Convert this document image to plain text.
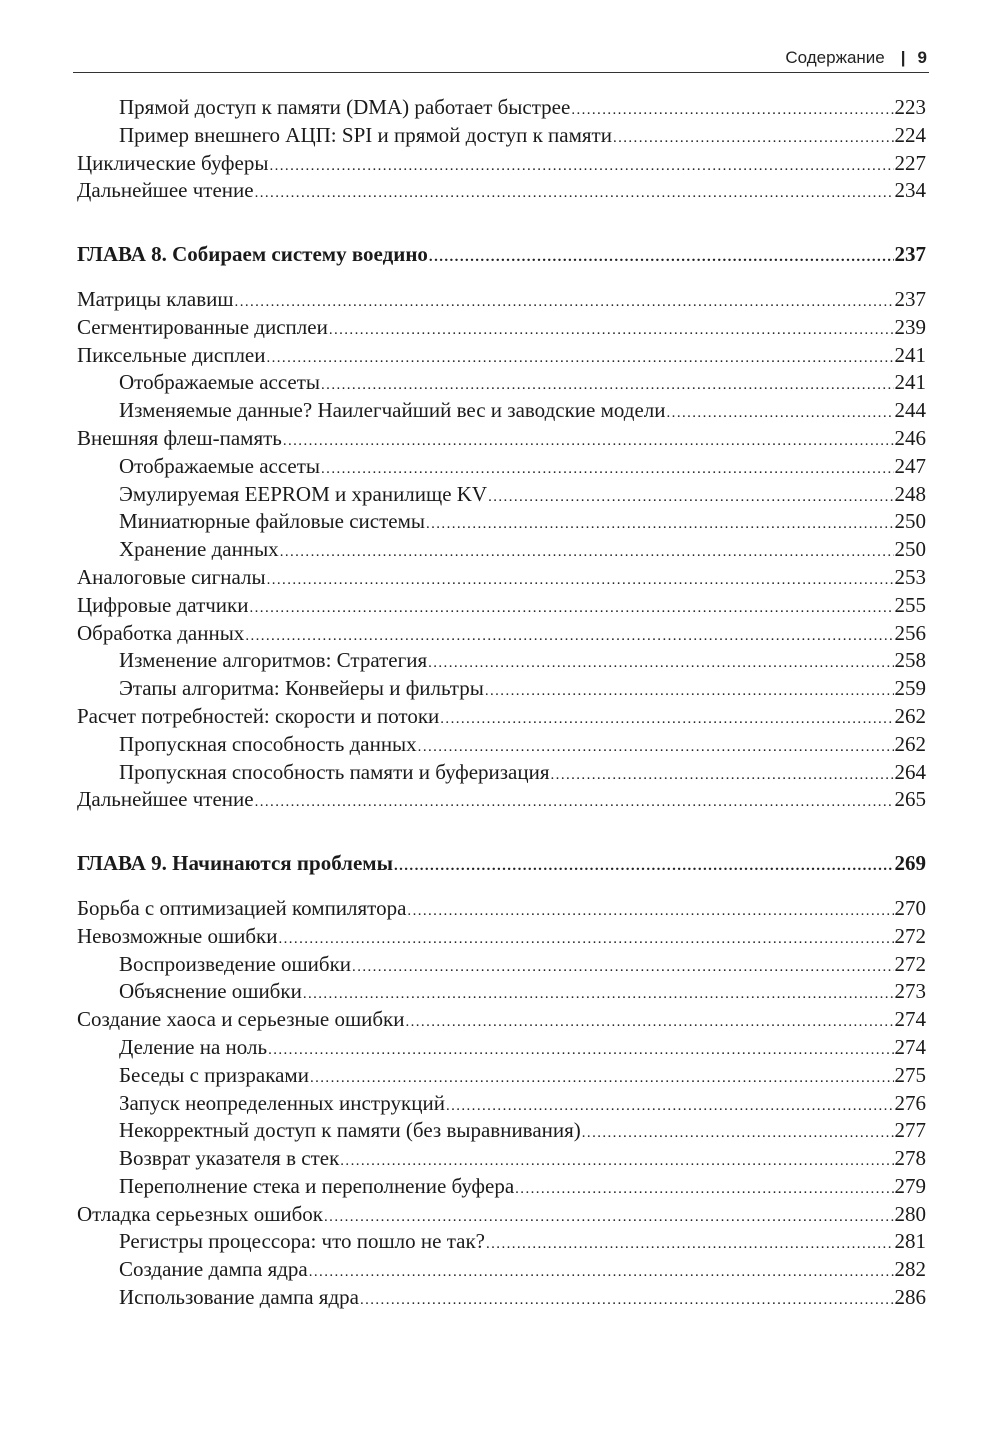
Содержание | 9
Прямой доступ к памяти (DMA) работает быстрее .....	223
Пример внешнего АЦП: SPI и прямой доступ к памяти .....	224
Циклические буферы .....	227
Дальнейшее чтение .....	234
ГЛАВА 8. Собираем систему воедино .....	237
Матрицы клавиш .....	237
Сегментированные дисплеи .....	239
Пиксельные дисплеи .....	241
Отображаемые ассеты .....	241
Изменяемые данные? Наилегчайший вес и заводские модели .....	244
Внешняя флеш-память .....	246
Отображаемые ассеты .....	247
Эмулируемая EEPROM и хранилище KV .....	248
Миниатюрные файловые системы .....	250
Хранение данных .....	250
Аналоговые сигналы .....	253
Цифровые датчики .....	255
Обработка данных .....	256
Изменение алгоритмов: Стратегия .....	258
Этапы алгоритма: Конвейеры и фильтры .....	259
Расчет потребностей: скорости и потоки .....	262
Пропускная способность данных .....	262
Пропускная способность памяти и буферизация .....	264
Дальнейшее чтение .....	265
ГЛАВА 9. Начинаются проблемы .....	269
Борьба с оптимизацией компилятора .....	270
Невозможные ошибки .....	272
Воспроизведение ошибки .....	272
Объяснение ошибки .....	273
Создание хаоса и серьезные ошибки .....	274
Деление на ноль .....	274
Беседы с призраками .....	275
Запуск неопределенных инструкций .....	276
Некорректный доступ к памяти (без выравнивания) .....	277
Возврат указателя в стек .....	278
Переполнение стека и переполнение буфера .....	279
Отладка серьезных ошибок .....	280
Регистры процессора: что пошло не так? .....	281
Создание дампа ядра .....	282
Использование дампа ядра .....	286
